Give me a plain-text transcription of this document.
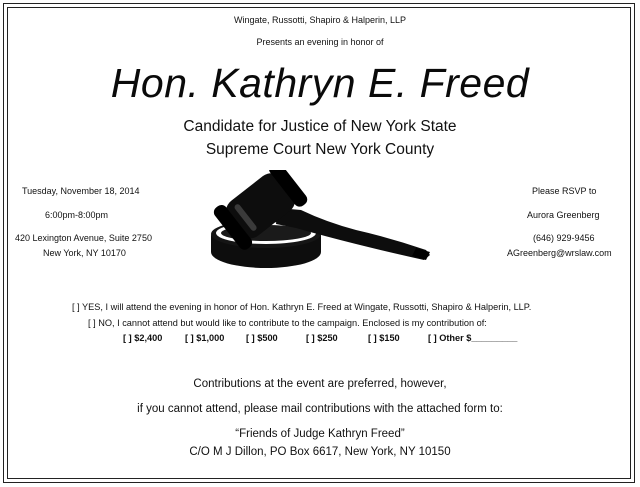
Wingate, Russotti, Shapiro & Halperin, LLP
Presents an evening in honor of
Hon. Kathryn E. Freed
Candidate for Justice of New York State
Supreme Court New York County
Tuesday, November 18, 2014
6:00pm-8:00pm
420 Lexington Avenue, Suite 2750
New York, NY 10170
Please RSVP to
Aurora Greenberg
(646) 929-9456
AGreenberg@wrslaw.com
[ ] YES, I will attend the evening in honor of Hon. Kathryn E. Freed at Wingate, Russotti, Shapiro & Halperin, LLP.
[ ] NO, I cannot attend but would like to contribute to the campaign. Enclosed is my contribution of:
[ ] $2,400 [ ] $1,000 [ ] $500	[ ] $250	[ ] $150	[ ] Other $_________
Contributions at the event are preferred, however,
if you cannot attend, please mail contributions with the attached form to:
“Friends of Judge Kathryn Freed”
C/O M J Dillon, PO Box 6617, New York, NY 10150
